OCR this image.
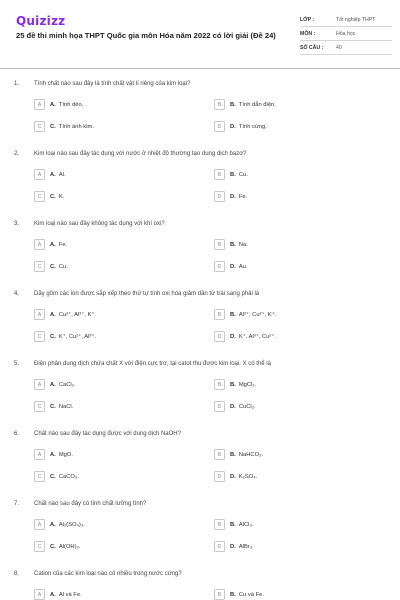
Quizizz
25 đề thi minh họa THPT Quốc gia môn Hóa năm 2022 có lời giải (Đề 24)
LỚP :	Tốt nghiệp THPT
MÔN :	Hóa học
SỐ CÂU :	40
1. Tính chất nào sau đây là tính chất vật lí riêng của kim loại?
A	A. Tính dẻo.	B	B. Tính dẫn điện.
C	C. Tính ánh kim.	D	D. Tính cứng.
2. Kim loại nào sau đây tác dụng với nước ở nhiệt độ thường tạo dung dịch bazơ?
A	A. Al.	B	B. Cu.
C	C. K.	D	D. Fe.
3. Kim loại nào sau đây không tác dụng với khí oxi?
A	A. Fe.	B	B. Na.
C	C. Cu.	D	D. Au.
4. Dãy gồm các ion được sắp xếp theo thứ tự tính oxi hóa giảm dần từ trái sang phải là
A	A. Cu²⁺, Al³⁺, K⁺.	B	B. Al³⁺, Cu²⁺, K⁺.
C	C. K⁺, Cu²⁺, Al³⁺.	D	D. K⁺, Al³⁺, Cu²⁺.
5. Điện phân dung dịch chứa chất X với điện cực trơ, tại catot thu được kim loại. X có thể là
A	A. CaCl₂.	B	B. MgCl₂.
C	C. NaCl.	D	D. CuCl₂.
6. Chất nào sau đây tác dụng được với dung dịch NaOH?
A	A. MgO.	B	B. NaHCO₃.
C	C. CaCO₃.	D	D. K₂SO₄.
7. Chất nào sau đây có tính chất lưỡng tính?
A	A. Al₂(SO₄)₃.	B	B. AlCl₃.
C	C. Al(OH)₃.	D	D. AlBr₃.
8. Cation của các kim loại nào có nhiều trong nước cứng?
A	A. Al và Fe.	B	B. Cu và Fe.
